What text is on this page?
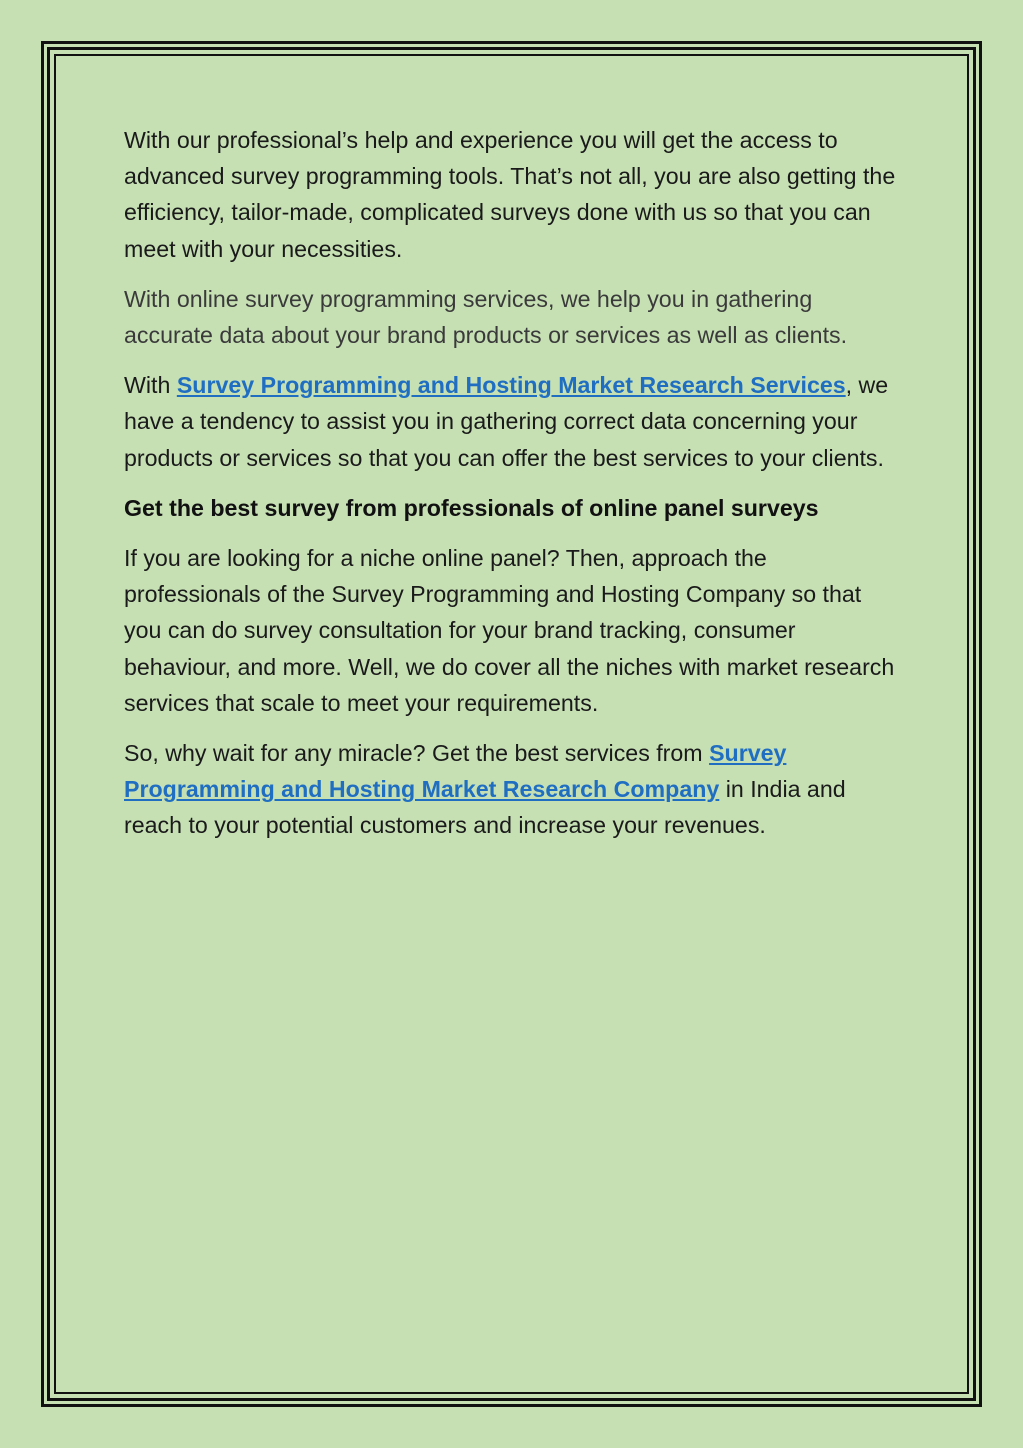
With our professional’s help and experience you will get the access to advanced survey programming tools. That’s not all, you are also getting the efficiency, tailor-made, complicated surveys done with us so that you can meet with your necessities.

With online survey programming services, we help you in gathering accurate data about your brand products or services as well as clients.

With Survey Programming and Hosting Market Research Services, we have a tendency to assist you in gathering correct data concerning your products or services so that you can offer the best services to your clients.

Get the best survey from professionals of online panel surveys

If you are looking for a niche online panel? Then, approach the professionals of the Survey Programming and Hosting Company so that you can do survey consultation for your brand tracking, consumer behaviour, and more. Well, we do cover all the niches with market research services that scale to meet your requirements.

So, why wait for any miracle? Get the best services from Survey Programming and Hosting Market Research Company in India and reach to your potential customers and increase your revenues.
